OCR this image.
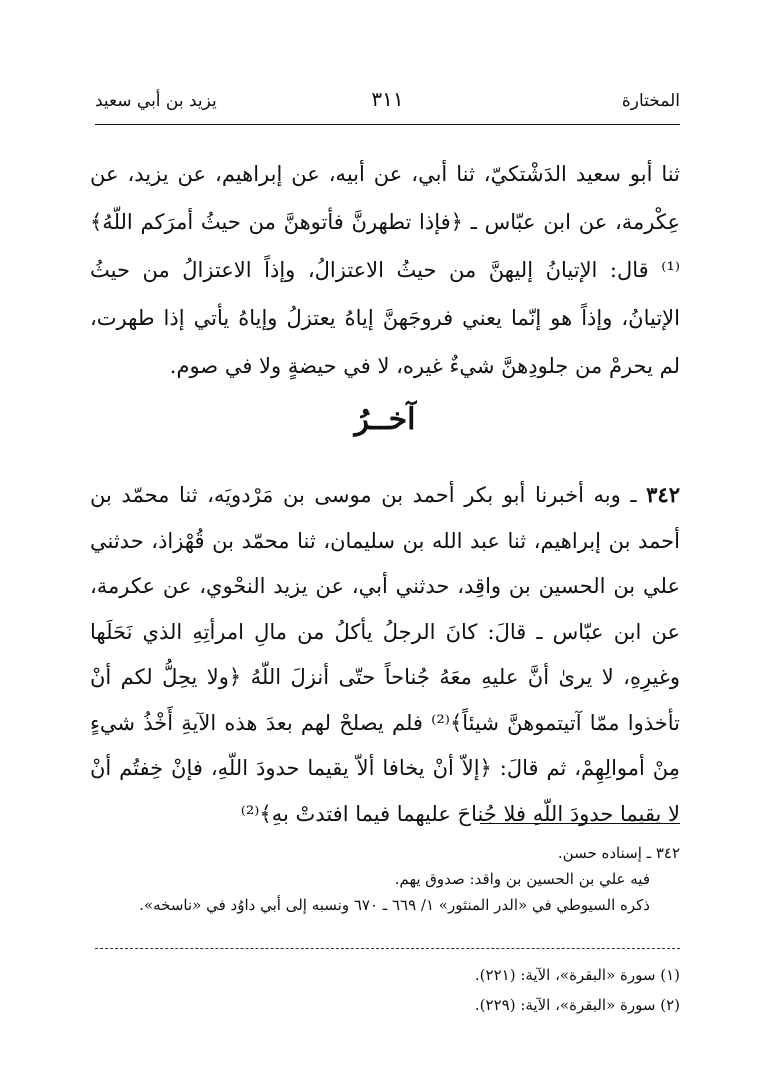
المختارة
٣١١
يزيد بن أبي سعيد

ثنا أبو سعيد الدَشْتكيّ، ثنا أبي، عن أبيه، عن إبراهيم، عن يزيد، عن عِكْرمة، عن ابن عبّاس ـ ﴿فإذا تطهرنَّ فأتوهنَّ من حيثُ أمرَكم اللّهُ﴾⁽¹⁾ قال: الإتيانُ إليهنَّ من حيثُ الاعتزالُ، وإذاً الاعتزالُ من حيثُ الإتيانُ، وإذاً هو إنّما يعني فروجَهنَّ إياهُ يعتزلُ وإياهُ يأتي إذا طهرت، لم يحرمْ من جلودِهنَّ شيءٌ غيره، لا في حيضةٍ ولا في صوم.

آخــرُ

٣٤٢ ـ وبه أخبرنا أبو بكر أحمد بن موسى بن مَرْدويَه، ثنا محمّد بن أحمد بن إبراهيم، ثنا عبد الله بن سليمان، ثنا محمّد بن قُهْزاذ، حدثني علي بن الحسين بن واقِد، حدثني أبي، عن يزيد النحْوي، عن عكرمة، عن ابن عبّاس ـ قالَ: كانَ الرجلُ يأكلُ من مالِ امرأتِهِ الذي نَحَلَها وغيرِهِ، لا يرىٰ أنَّ عليهِ معَهُ جُناحاً حتّى أنزلَ اللّهُ ﴿ولا يحِلُّ لكم أنْ تأخذوا ممّا آتيتموهنَّ شيئاً﴾⁽²⁾ فلم يصلحْ لهم بعدَ هذه الآيةِ أَخْذُ شيءٍ مِنْ أموالِهِمْ، ثم قالَ: ﴿إلاّ أنْ يخافا ألاّ يقيما حدودَ اللّهِ، فإنْ خِفتُم أنْ لا يقيما حدودَ اللّهِ فلا جُناحَ عليهما فيما افتدتْ بهِ﴾⁽²⁾

٣٤٢ ـ إسناده حسن.

فيه علي بن الحسين بن واقد: صدوق يهم.

ذكره السيوطي في «الدر المنثور» ١/ ٦٦٩ ـ ٦٧٠ ونسبه إلى أبي داوُد في «ناسخه».

(١) سورة «البقرة»، الآية: (٢٢١).

(٢) سورة «البقرة»، الآية: (٢٢٩).
